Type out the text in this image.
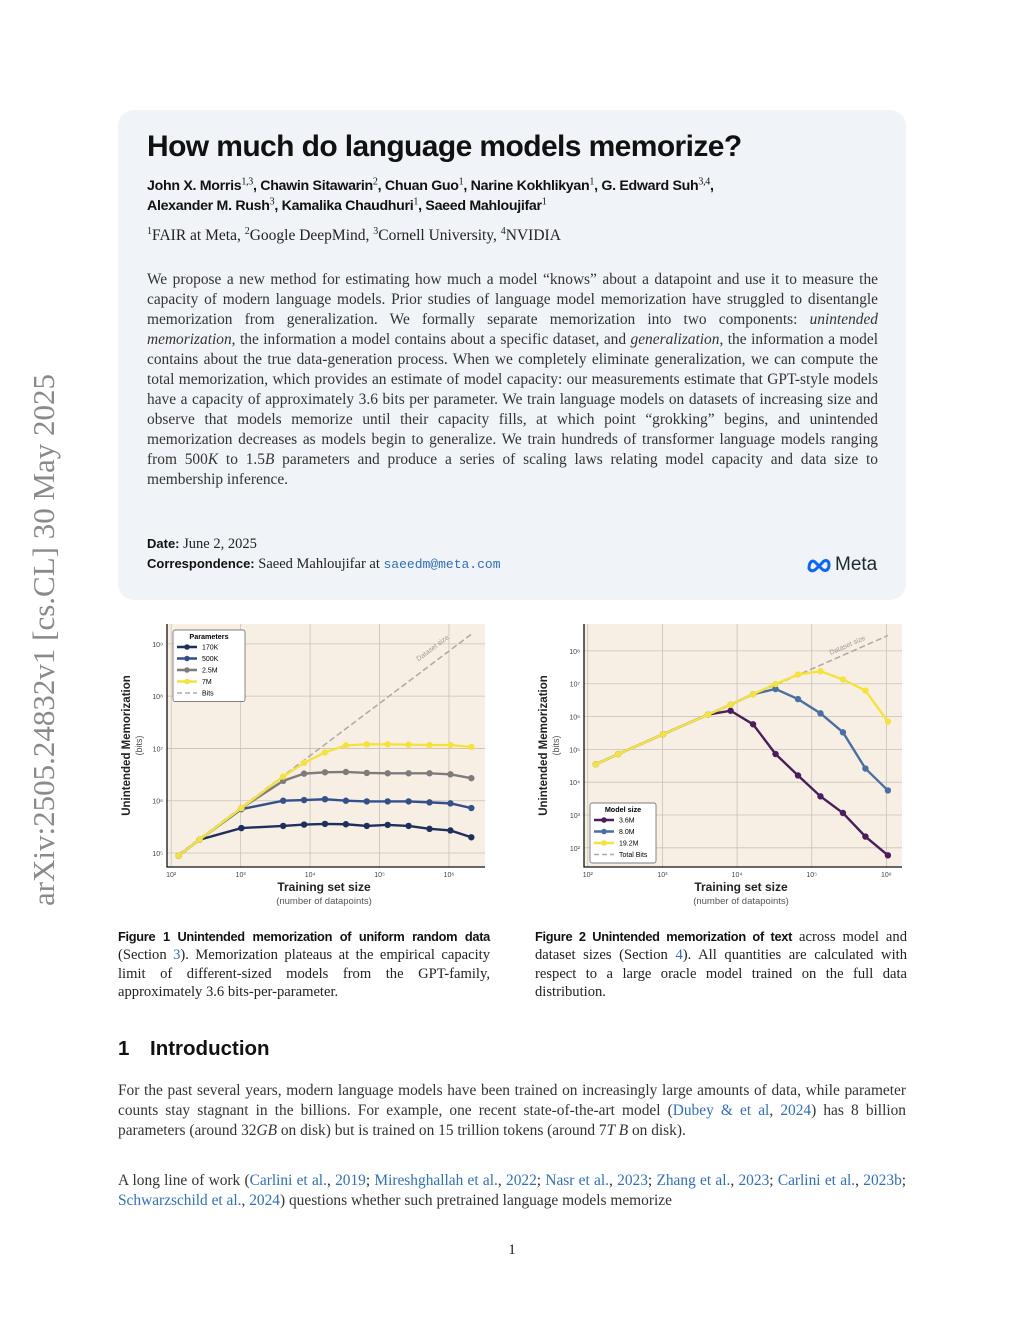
arXiv:2505.24832v1 [cs.CL] 30 May 2025
How much do language models memorize?
John X. Morris$^{1,3}$, Chawin Sitawarin$^2$, Chuan Guo$^1$, Narine Kokhlikyan$^1$, G. Edward Suh$^{3,4}$,
Alexander M. Rush$^3$, Kamalika Chaudhuri$^1$, Saeed Mahloujifar$^1$
$^1$FAIR at Meta, $^2$Google DeepMind, $^3$Cornell University, $^4$NVIDIA
We propose a new method for estimating how much a model “knows” about a datapoint and use it to measure the capacity of modern language models. Prior studies of language model memorization have struggled to disentangle memorization from generalization. We formally separate memorization into two components: unintended memorization, the information a model contains about a specific dataset, and generalization, the information a model contains about the true data-generation process. When we completely eliminate generalization, we can compute the total memorization, which provides an estimate of model capacity: our measurements estimate that GPT-style models have a capacity of approximately 3.6 bits per parameter. We train language models on datasets of increasing size and observe that models memorize until their capacity fills, at which point “grokking” begins, and unintended memorization decreases as models begin to generalize. We train hundreds of transformer language models ranging from 500K to 1.5B parameters and produce a series of scaling laws relating model capacity and data size to membership inference.
Date: June 2, 2025
Correspondence: Saeed Mahloujifar at saeedm@meta.com	Meta
10²	10³	10⁴	10⁵	10⁶
10⁵
10⁶
10⁷
10⁸
10⁹	Dataset size
Parameters
170K
500K
2.5M
7M
Bits
Unintended Memorization (bits)
Training set size
(number of datapoints)
10²	10³	10⁴	10⁵	10⁶
10²
10³
10⁴
10⁵
10⁶
10⁷
10⁸	Dataset size
Model size
3.6M
8.0M
19.2M
Total Bits
Unintended Memorization (bits)
Training set size
(number of datapoints)
Figure 1 Unintended memorization of uniform random data (Section 3). Memorization plateaus at the empirical capacity limit of different-sized models from the GPT-family, approximately 3.6 bits-per-parameter.
Figure 2 Unintended memorization of text across model and dataset sizes (Section 4). All quantities are calculated with respect to a large oracle model trained on the full data distribution.
1 Introduction
For the past several years, modern language models have been trained on increasingly large amounts of data, while parameter counts stay stagnant in the billions. For example, one recent state-of-the-art model (Dubey & et al, 2024) has 8 billion parameters (around 32GB on disk) but is trained on 15 trillion tokens (around 7T B on disk).
A long line of work (Carlini et al., 2019; Mireshghallah et al., 2022; Nasr et al., 2023; Zhang et al., 2023; Carlini et al., 2023b; Schwarzschild et al., 2024) questions whether such pretrained language models memorize
1
